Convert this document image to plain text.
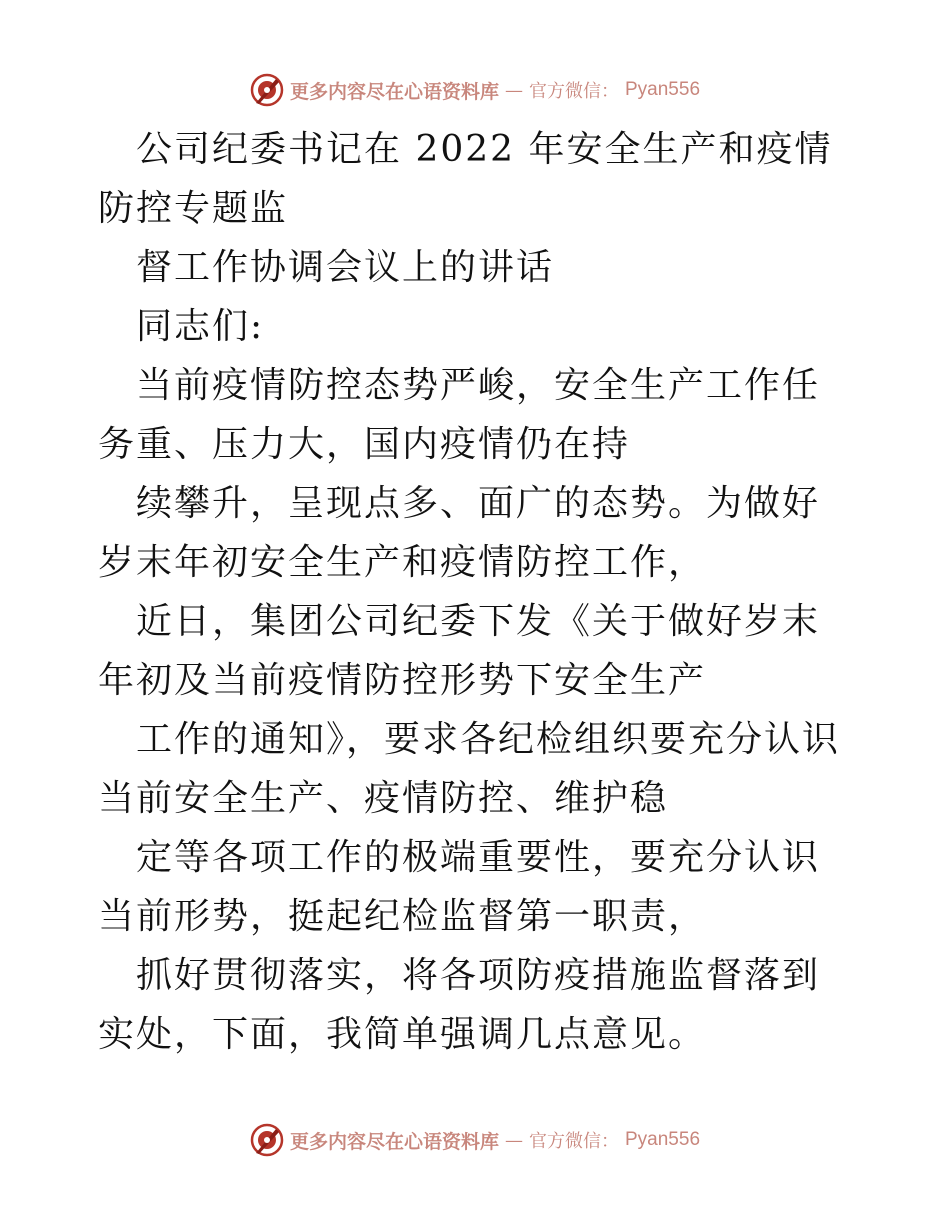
更多内容尽在心语资料库 — 官方微信： Pyan556

公司纪委书记在 2022 年安全生产和疫情防控专题监

督工作协调会议上的讲话

同志们:

当前疫情防控态势严峻，安全生产工作任务重、压力大，国内疫情仍在持

续攀升，呈现点多、面广的态势。为做好岁末年初安全生产和疫情防控工作，

近日，集团公司纪委下发《关于做好岁末年初及当前疫情防控形势下安全生产

工作的通知》，要求各纪检组织要充分认识当前安全生产、疫情防控、维护稳

定等各项工作的极端重要性，要充分认识当前形势，挺起纪检监督第一职责，

抓好贯彻落实，将各项防疫措施监督落到实处，下面，我简单强调几点意见。

更多内容尽在心语资料库 — 官方微信： Pyan556
